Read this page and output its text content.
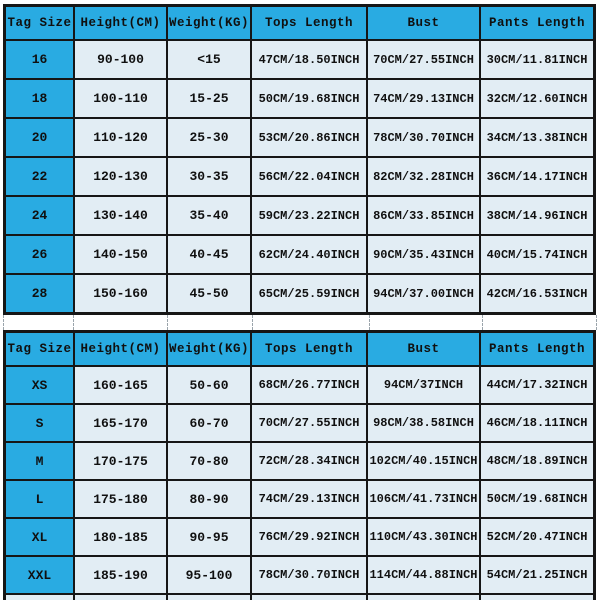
Tag Size Height(CM) Weight(KG)	Tops Length	Bust	Pants Length
16	90-100	<15	47CM/18.50INCH	70CM/27.55INCH	30CM/11.81INCH
18	100-110	15-25	50CM/19.68INCH	74CM/29.13INCH	32CM/12.60INCH
20	110-120	25-30	53CM/20.86INCH	78CM/30.70INCH	34CM/13.38INCH
22	120-130	30-35	56CM/22.04INCH	82CM/32.28INCH	36CM/14.17INCH
24	130-140	35-40	59CM/23.22INCH	86CM/33.85INCH	38CM/14.96INCH
26	140-150	40-45	62CM/24.40INCH	90CM/35.43INCH	40CM/15.74INCH
28	150-160	45-50	65CM/25.59INCH	94CM/37.00INCH	42CM/16.53INCH
Tag Size Height(CM) Weight(KG)	Tops Length	Bust	Pants Length
XS	160-165	50-60	68CM/26.77INCH	94CM/37INCH	44CM/17.32INCH
S	165-170	60-70	70CM/27.55INCH	98CM/38.58INCH	46CM/18.11INCH
M	170-175	70-80	72CM/28.34INCH 102CM/40.15INCH 48CM/18.89INCH
L	175-180	80-90	74CM/29.13INCH 106CM/41.73INCH 50CM/19.68INCH
XL	180-185	90-95	76CM/29.92INCH 110CM/43.30INCH 52CM/20.47INCH
XXL	185-190	95-100	78CM/30.70INCH 114CM/44.88INCH 54CM/21.25INCH
